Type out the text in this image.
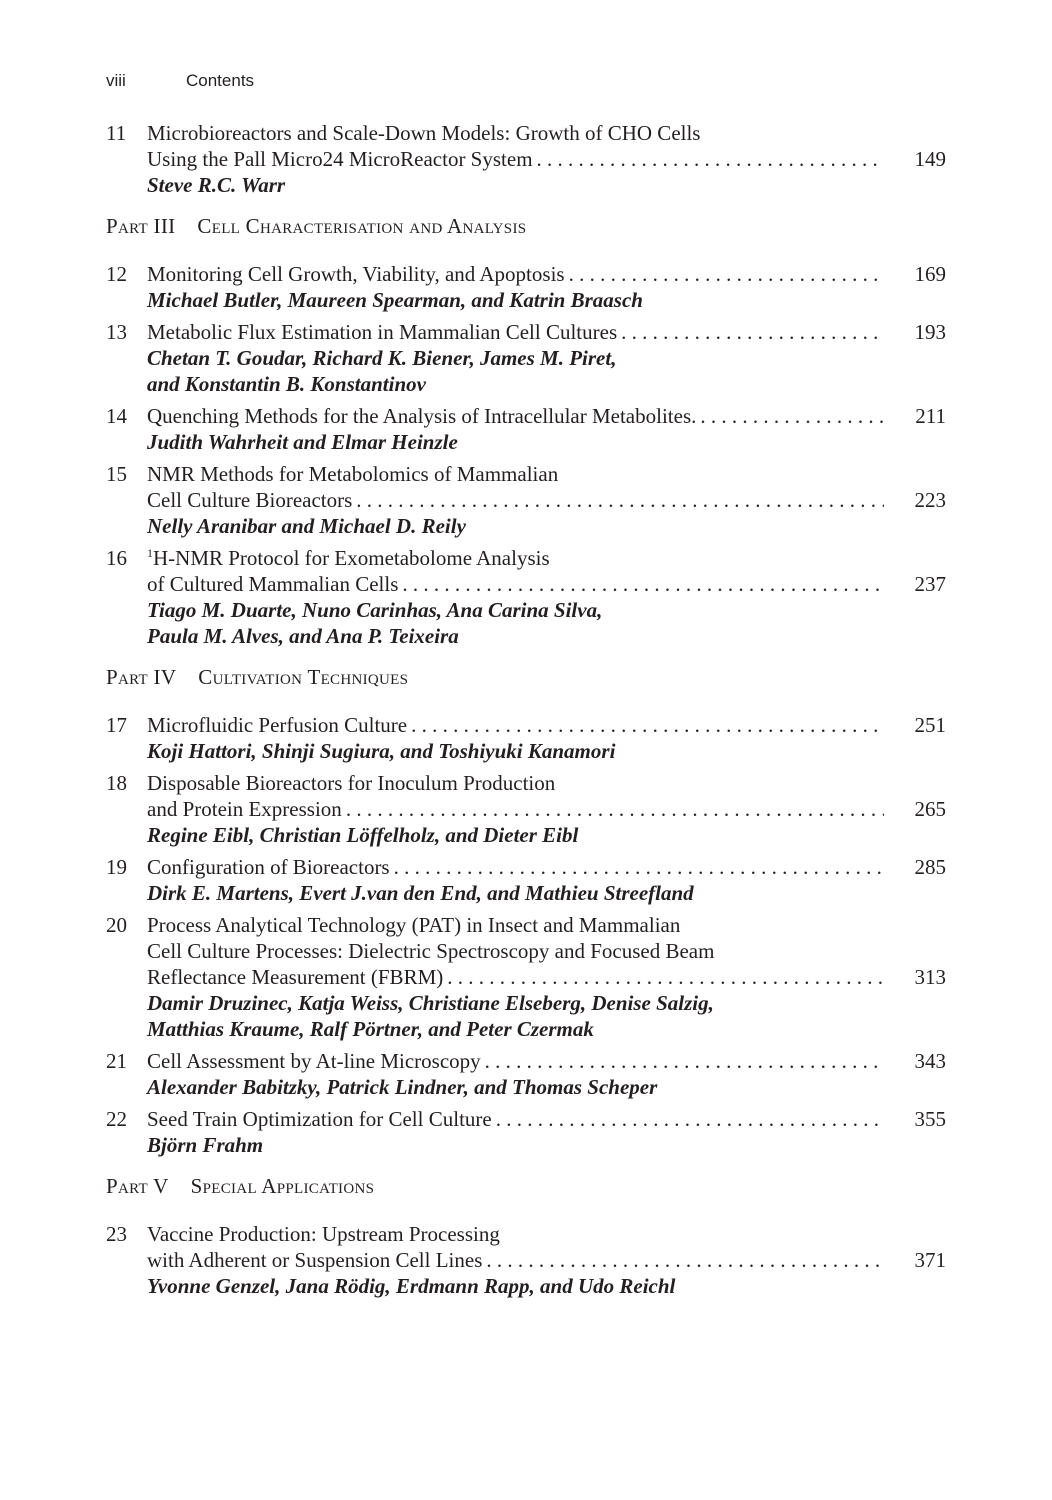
viii	Contents
11 Microbioreactors and Scale-Down Models: Growth of CHO Cells
Using the Pall Micro24 MicroReactor System . . .	149
Steve R.C. Warr
Part III Cell Characterisation and Analysis
12 Monitoring Cell Growth, Viability, and Apoptosis . . .	169
Michael Butler, Maureen Spearman, and Katrin Braasch
13 Metabolic Flux Estimation in Mammalian Cell Cultures . . .	193
Chetan T. Goudar, Richard K. Biener, James M. Piret,
and Konstantin B. Konstantinov
14 Quenching Methods for the Analysis of Intracellular Metabolites. . . .	211
Judith Wahrheit and Elmar Heinzle
15 NMR Methods for Metabolomics of Mammalian
Cell Culture Bioreactors . . .	223
Nelly Aranibar and Michael D. Reily
16	$^1$H-NMR Protocol for Exometabolome Analysis
of Cultured Mammalian Cells . . .	237
Tiago M. Duarte, Nuno Carinhas, Ana Carina Silva,
Paula M. Alves, and Ana P. Teixeira
Part IV Cultivation Techniques
17 Microfluidic Perfusion Culture . . .	251
Koji Hattori, Shinji Sugiura, and Toshiyuki Kanamori
18 Disposable Bioreactors for Inoculum Production
and Protein Expression . . .	265
Regine Eibl, Christian Löffelholz, and Dieter Eibl
19 Configuration of Bioreactors . . .	285
Dirk E. Martens, Evert J.van den End, and Mathieu Streefland
20 Process Analytical Technology (PAT) in Insect and Mammalian
Cell Culture Processes: Dielectric Spectroscopy and Focused Beam
Reflectance Measurement (FBRM) . . .	313
Damir Druzinec, Katja Weiss, Christiane Elseberg, Denise Salzig,
Matthias Kraume, Ralf Pörtner, and Peter Czermak
21 Cell Assessment by At-line Microscopy . . .	343
Alexander Babitzky, Patrick Lindner, and Thomas Scheper
22 Seed Train Optimization for Cell Culture . . .	355
Björn Frahm
Part V Special Applications
23 Vaccine Production: Upstream Processing
with Adherent or Suspension Cell Lines . . .	371
Yvonne Genzel, Jana Rödig, Erdmann Rapp, and Udo Reichl
